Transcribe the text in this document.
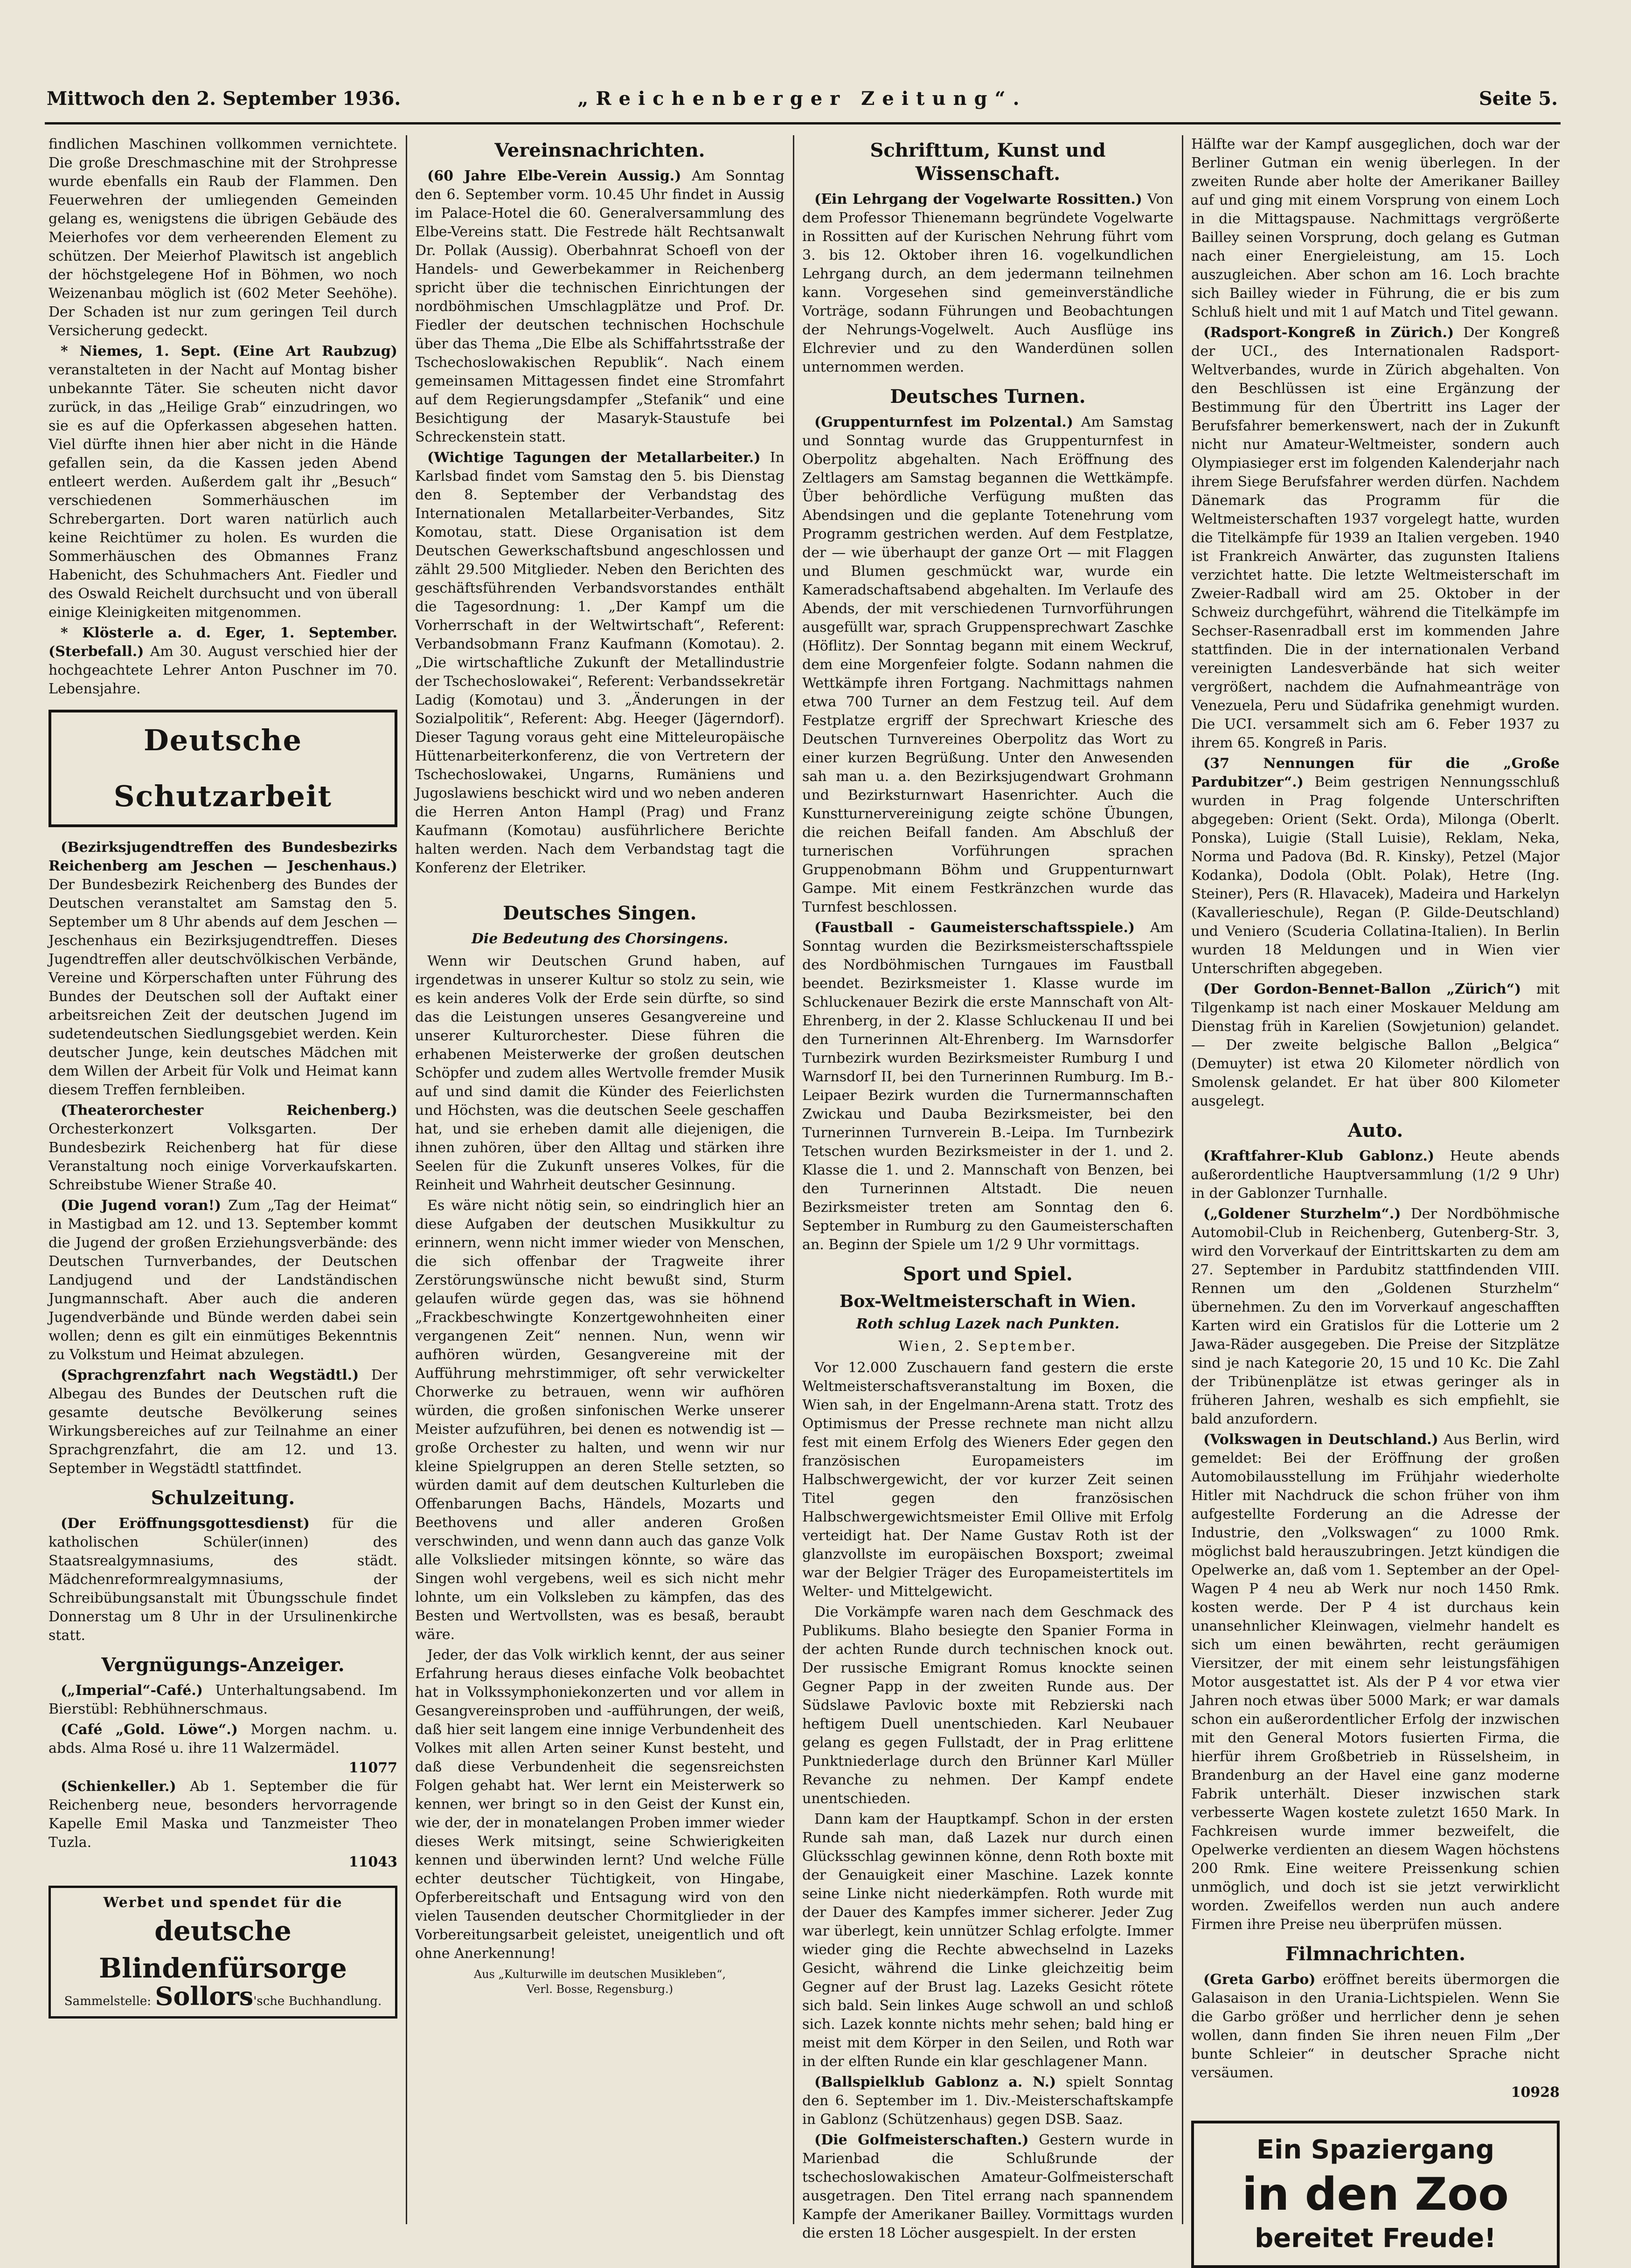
Mittwoch den 2. September 1936.	„Reichenberger Zeitung“.	Seite 5.

findlichen Maschinen vollkommen vernichtete. Die große Dreschmaschine mit der Strohpresse wurde ebenfalls ein Raub der Flammen. Den Feuerwehren der umliegenden Gemeinden gelang es, wenigstens die übrigen Gebäude des Meierhofes vor dem verheerenden Element zu schützen. Der Meierhof Plawitsch ist angeblich der höchstgelegene Hof in Böhmen, wo noch Weizenanbau möglich ist (602 Meter Seehöhe). Der Schaden ist nur zum geringen Teil durch Versicherung gedeckt.

* Niemes, 1. Sept. (Eine Art Raubzug) veranstalteten in der Nacht auf Montag bisher unbekannte Täter. Sie scheuten nicht davor zurück, in das „Heilige Grab“ einzudringen, wo sie es auf die Opferkassen abgesehen hatten. Viel dürfte ihnen hier aber nicht in die Hände gefallen sein, da die Kassen jeden Abend entleert werden. Außerdem galt ihr „Besuch“ verschiedenen Sommerhäuschen im Schrebergarten. Dort waren natürlich auch keine Reichtümer zu holen. Es wurden die Sommerhäuschen des Obmannes Franz Habenicht, des Schuhmachers Ant. Fiedler und des Oswald Reichelt durchsucht und von überall einige Kleinigkeiten mitgenommen.

* Klösterle a. d. Eger, 1. September. (Sterbefall.) Am 30. August verschied hier der hochgeachtete Lehrer Anton Puschner im 70. Lebensjahre.

Deutsche Schutzarbeit

(Bezirksjugendtreffen des Bundesbezirks Reichenberg am Jeschen — Jeschenhaus.) Der Bundesbezirk Reichenberg des Bundes der Deutschen veranstaltet am Samstag den 5. September um 8 Uhr abends auf dem Jeschen — Jeschenhaus ein Bezirksjugendtreffen. Dieses Jugendtreffen aller deutschvölkischen Verbände, Vereine und Körperschaften unter Führung des Bundes der Deutschen soll der Auftakt einer arbeitsreichen Zeit der deutschen Jugend im sudetendeutschen Siedlungsgebiet werden. Kein deutscher Junge, kein deutsches Mädchen mit dem Willen der Arbeit für Volk und Heimat kann diesem Treffen fernbleiben.

(Theaterorchester Reichenberg.) Orchesterkonzert Volksgarten. Der Bundesbezirk Reichenberg hat für diese Veranstaltung noch einige Vorverkaufskarten. Schreibstube Wiener Straße 40.

(Die Jugend voran!) Zum „Tag der Heimat“ in Mastigbad am 12. und 13. September kommt die Jugend der großen Erziehungsverbände: des Deutschen Turnverbandes, der Deutschen Landjugend und der Landständischen Jungmannschaft. Aber auch die anderen Jugendverbände und Bünde werden dabei sein wollen; denn es gilt ein einmütiges Bekenntnis zu Volkstum und Heimat abzulegen.

(Sprachgrenzfahrt nach Wegstädtl.) Der Albegau des Bundes der Deutschen ruft die gesamte deutsche Bevölkerung seines Wirkungsbereiches auf zur Teilnahme an einer Sprachgrenzfahrt, die am 12. und 13. September in Wegstädtl stattfindet.

Schulzeitung.

(Der Eröffnungsgottesdienst) für die katholischen Schüler(innen) des Staatsrealgymnasiums, des städt. Mädchenreformrealgymnasiums, der Schreibübungsanstalt mit Übungsschule findet Donnerstag um 8 Uhr in der Ursulinenkirche statt.

Vergnügungs-Anzeiger.

(„Imperial“-Café.) Unterhaltungsabend. Im Bierstübl: Rebhühnerschmaus.

(Café „Gold. Löwe“.) Morgen nachm. u. abds. Alma Rosé u. ihre 11 Walzermädel.

11077

(Schienkeller.) Ab 1. September die für Reichenberg neue, besonders hervorragende Kapelle Emil Maska und Tanzmeister Theo Tuzla.

11043
Werbet und spendet für die
deutsche Blindenfürsorge
Sammelstelle: Sollors'sche Buchhandlung.
Vereinsnachrichten.

(60 Jahre Elbe-Verein Aussig.) Am Sonntag den 6. September vorm. 10.45 Uhr findet in Aussig im Palace-Hotel die 60. Generalversammlung des Elbe-Vereins statt. Die Festrede hält Rechtsanwalt Dr. Pollak (Aussig). Oberbahnrat Schoefl von der Handels- und Gewerbekammer in Reichenberg spricht über die technischen Einrichtungen der nordböhmischen Umschlagplätze und Prof. Dr. Fiedler der deutschen technischen Hochschule über das Thema „Die Elbe als Schiffahrtsstraße der Tschechoslowakischen Republik“. Nach einem gemeinsamen Mittagessen findet eine Stromfahrt auf dem Regierungsdampfer „Stefanik“ und eine Besichtigung der Masaryk-Staustufe bei Schreckenstein statt.

(Wichtige Tagungen der Metallarbeiter.) In Karlsbad findet vom Samstag den 5. bis Dienstag den 8. September der Verbandstag des Internationalen Metallarbeiter-Verbandes, Sitz Komotau, statt. Diese Organisation ist dem Deutschen Gewerkschaftsbund angeschlossen und zählt 29.500 Mitglieder. Neben den Berichten des geschäftsführenden Verbandsvorstandes enthält die Tagesordnung: 1. „Der Kampf um die Vorherrschaft in der Weltwirtschaft“, Referent: Verbandsobmann Franz Kaufmann (Komotau). 2. „Die wirtschaftliche Zukunft der Metallindustrie der Tschechoslowakei“, Referent: Verbandssekretär Ladig (Komotau) und 3. „Änderungen in der Sozialpolitik“, Referent: Abg. Heeger (Jägerndorf). Dieser Tagung voraus geht eine Mitteleuropäische Hüttenarbeiterkonferenz, die von Vertretern der Tschechoslowakei, Ungarns, Rumäniens und Jugoslawiens beschickt wird und wo neben anderen die Herren Anton Hampl (Prag) und Franz Kaufmann (Komotau) ausführlichere Berichte halten werden. Nach dem Verbandstag tagt die Konferenz der Eletriker.

Deutsches Singen.
Die Bedeutung des Chorsingens.

Wenn wir Deutschen Grund haben, auf irgendetwas in unserer Kultur so stolz zu sein, wie es kein anderes Volk der Erde sein dürfte, so sind das die Leistungen unseres Gesangvereine und unserer Kulturorchester. Diese führen die erhabenen Meisterwerke der großen deutschen Schöpfer und zudem alles Wertvolle fremder Musik auf und sind damit die Künder des Feierlichsten und Höchsten, was die deutschen Seele geschaffen hat, und sie erheben damit alle diejenigen, die ihnen zuhören, über den Alltag und stärken ihre Seelen für die Zukunft unseres Volkes, für die Reinheit und Wahrheit deutscher Gesinnung.

Es wäre nicht nötig sein, so eindringlich hier an diese Aufgaben der deutschen Musikkultur zu erinnern, wenn nicht immer wieder von Menschen, die sich offenbar der Tragweite ihrer Zerstörungswünsche nicht bewußt sind, Sturm gelaufen würde gegen das, was sie höhnend „Frackbeschwingte Konzertgewohnheiten einer vergangenen Zeit“ nennen. Nun, wenn wir aufhören würden, Gesangvereine mit der Aufführung mehrstimmiger, oft sehr verwickelter Chorwerke zu betrauen, wenn wir aufhören würden, die großen sinfonischen Werke unserer Meister aufzuführen, bei denen es notwendig ist — große Orchester zu halten, und wenn wir nur kleine Spielgruppen an deren Stelle setzten, so würden damit auf dem deutschen Kulturleben die Offenbarungen Bachs, Händels, Mozarts und Beethovens und aller anderen Großen verschwinden, und wenn dann auch das ganze Volk alle Volkslieder mitsingen könnte, so wäre das Singen wohl vergebens, weil es sich nicht mehr lohnte, um ein Volksleben zu kämpfen, das des Besten und Wertvollsten, was es besaß, beraubt wäre.

Jeder, der das Volk wirklich kennt, der aus seiner Erfahrung heraus dieses einfache Volk beobachtet hat in Volkssymphoniekonzerten und vor allem in Gesangvereinsproben und -aufführungen, der weiß, daß hier seit langem eine innige Verbundenheit des Volkes mit allen Arten seiner Kunst besteht, und daß diese Verbundenheit die segensreichsten Folgen gehabt hat. Wer lernt ein Meisterwerk so kennen, wer bringt so in den Geist der Kunst ein, wie der, der in monatelangen Proben immer wieder dieses Werk mitsingt, seine Schwierigkeiten kennen und überwinden lernt? Und welche Fülle echter deutscher Tüchtigkeit, von Hingabe, Opferbereitschaft und Entsagung wird von den vielen Tausenden deutscher Chormitglieder in der Vorbereitungsarbeit geleistet, uneigentlich und oft ohne Anerkennung!

Aus „Kulturwille im deutschen Musikleben“,
Verl. Bosse, Regensburg.)
Schrifttum, Kunst und Wissenschaft.

(Ein Lehrgang der Vogelwarte Rossitten.) Von dem Professor Thienemann begründete Vogelwarte in Rossitten auf der Kurischen Nehrung führt vom 3. bis 12. Oktober ihren 16. vogelkundlichen Lehrgang durch, an dem jedermann teilnehmen kann. Vorgesehen sind gemeinverständliche Vorträge, sodann Führungen und Beobachtungen der Nehrungs-Vogelwelt. Auch Ausflüge ins Elchrevier und zu den Wanderdünen sollen unternommen werden.

Deutsches Turnen.

(Gruppenturnfest im Polzental.) Am Samstag und Sonntag wurde das Gruppenturnfest in Oberpolitz abgehalten. Nach Eröffnung des Zeltlagers am Samstag begannen die Wettkämpfe. Über behördliche Verfügung mußten das Abendsingen und die geplante Totenehrung vom Programm gestrichen werden. Auf dem Festplatze, der — wie überhaupt der ganze Ort — mit Flaggen und Blumen geschmückt war, wurde ein Kameradschaftsabend abgehalten. Im Verlaufe des Abends, der mit verschiedenen Turnvorführungen ausgefüllt war, sprach Gruppensprechwart Zaschke (Höflitz). Der Sonntag begann mit einem Weckruf, dem eine Morgenfeier folgte. Sodann nahmen die Wettkämpfe ihren Fortgang. Nachmittags nahmen etwa 700 Turner an dem Festzug teil. Auf dem Festplatze ergriff der Sprechwart Kriesche des Deutschen Turnvereines Oberpolitz das Wort zu einer kurzen Begrüßung. Unter den Anwesenden sah man u. a. den Bezirksjugendwart Grohmann und Bezirksturnwart Hasenrichter. Auch die Kunstturnervereinigung zeigte schöne Übungen, die reichen Beifall fanden. Am Abschluß der turnerischen Vorführungen sprachen Gruppenobmann Böhm und Gruppenturnwart Gampe. Mit einem Festkränzchen wurde das Turnfest beschlossen.

(Faustball - Gaumeisterschaftsspiele.) Am Sonntag wurden die Bezirksmeisterschaftsspiele des Nordböhmischen Turngaues im Faustball beendet. Bezirksmeister 1. Klasse wurde im Schluckenauer Bezirk die erste Mannschaft von Alt-Ehrenberg, in der 2. Klasse Schluckenau II und bei den Turnerinnen Alt-Ehrenberg. Im Warnsdorfer Turnbezirk wurden Bezirksmeister Rumburg I und Warnsdorf II, bei den Turnerinnen Rumburg. Im B.-Leipaer Bezirk wurden die Turnermannschaften Zwickau und Dauba Bezirksmeister, bei den Turnerinnen Turnverein B.-Leipa. Im Turnbezirk Tetschen wurden Bezirksmeister in der 1. und 2. Klasse die 1. und 2. Mannschaft von Benzen, bei den Turnerinnen Altstadt. Die neuen Bezirksmeister treten am Sonntag den 6. September in Rumburg zu den Gaumeisterschaften an. Beginn der Spiele um 1/2 9 Uhr vormittags.

Sport und Spiel.
Box-Weltmeisterschaft in Wien.
Roth schlug Lazek nach Punkten.
Wien, 2. September.

Vor 12.000 Zuschauern fand gestern die erste Weltmeisterschaftsveranstaltung im Boxen, die Wien sah, in der Engelmann-Arena statt. Trotz des Optimismus der Presse rechnete man nicht allzu fest mit einem Erfolg des Wieners Eder gegen den französischen Europameisters im Halbschwergewicht, der vor kurzer Zeit seinen Titel gegen den französischen Halbschwergewichtsmeister Emil Ollive mit Erfolg verteidigt hat. Der Name Gustav Roth ist der glanzvollste im europäischen Boxsport; zweimal war der Belgier Träger des Europameistertitels im Welter- und Mittelgewicht.

Die Vorkämpfe waren nach dem Geschmack des Publikums. Blaho besiegte den Spanier Forma in der achten Runde durch technischen knock out. Der russische Emigrant Romus knockte seinen Gegner Papp in der zweiten Runde aus. Der Südslawe Pavlovic boxte mit Rebzierski nach heftigem Duell unentschieden. Karl Neubauer gelang es gegen Fullstadt, der in Prag erlittene Punktniederlage durch den Brünner Karl Müller Revanche zu nehmen. Der Kampf endete unentschieden.

Dann kam der Hauptkampf. Schon in der ersten Runde sah man, daß Lazek nur durch einen Glücksschlag gewinnen könne, denn Roth boxte mit der Genauigkeit einer Maschine. Lazek konnte seine Linke nicht niederkämpfen. Roth wurde mit der Dauer des Kampfes immer sicherer. Jeder Zug war überlegt, kein unnützer Schlag erfolgte. Immer wieder ging die Rechte abwechselnd in Lazeks Gesicht, während die Linke gleichzeitig beim Gegner auf der Brust lag. Lazeks Gesicht rötete sich bald. Sein linkes Auge schwoll an und schloß sich. Lazek konnte nichts mehr sehen; bald hing er meist mit dem Körper in den Seilen, und Roth war in der elften Runde ein klar geschlagener Mann.

(Ballspielklub Gablonz a. N.) spielt Sonntag den 6. September im 1. Div.-Meisterschaftskampfe in Gablonz (Schützenhaus) gegen DSB. Saaz.

(Die Golfmeisterschaften.) Gestern wurde in Marienbad die Schlußrunde der tschechoslowakischen Amateur-Golfmeisterschaft ausgetragen. Den Titel errang nach spannendem Kampfe der Amerikaner Bailley. Vormittags wurden die ersten 18 Löcher ausgespielt. In der ersten

Hälfte war der Kampf ausgeglichen, doch war der Berliner Gutman ein wenig überlegen. In der zweiten Runde aber holte der Amerikaner Bailley auf und ging mit einem Vorsprung von einem Loch in die Mittagspause. Nachmittags vergrößerte Bailley seinen Vorsprung, doch gelang es Gutman nach einer Energieleistung, am 15. Loch auszugleichen. Aber schon am 16. Loch brachte sich Bailley wieder in Führung, die er bis zum Schluß hielt und mit 1 auf Match und Titel gewann.

(Radsport-Kongreß in Zürich.) Der Kongreß der UCI., des Internationalen Radsport-Weltverbandes, wurde in Zürich abgehalten. Von den Beschlüssen ist eine Ergänzung der Bestimmung für den Übertritt ins Lager der Berufsfahrer bemerkenswert, nach der in Zukunft nicht nur Amateur-Weltmeister, sondern auch Olympiasieger erst im folgenden Kalenderjahr nach ihrem Siege Berufsfahrer werden dürfen. Nachdem Dänemark das Programm für die Weltmeisterschaften 1937 vorgelegt hatte, wurden die Titelkämpfe für 1939 an Italien vergeben. 1940 ist Frankreich Anwärter, das zugunsten Italiens verzichtet hatte. Die letzte Weltmeisterschaft im Zweier-Radball wird am 25. Oktober in der Schweiz durchgeführt, während die Titelkämpfe im Sechser-Rasenradball erst im kommenden Jahre stattfinden. Die in der internationalen Verband vereinigten Landesverbände hat sich weiter vergrößert, nachdem die Aufnahmeanträge von Venezuela, Peru und Südafrika genehmigt wurden. Die UCI. versammelt sich am 6. Feber 1937 zu ihrem 65. Kongreß in Paris.

(37 Nennungen für die „Große Pardubitzer“.) Beim gestrigen Nennungsschluß wurden in Prag folgende Unterschriften abgegeben: Orient (Sekt. Orda), Milonga (Oberlt. Ponska), Luigie (Stall Luisie), Reklam, Neka, Norma und Padova (Bd. R. Kinsky), Petzel (Major Kodanka), Dodola (Oblt. Polak), Hetre (Ing. Steiner), Pers (R. Hlavacek), Madeira und Harkelyn (Kavallerieschule), Regan (P. Gilde-Deutschland) und Veniero (Scuderia Collatina-Italien). In Berlin wurden 18 Meldungen und in Wien vier Unterschriften abgegeben.

(Der Gordon-Bennet-Ballon „Zürich“) mit Tilgenkamp ist nach einer Moskauer Meldung am Dienstag früh in Karelien (Sowjetunion) gelandet. — Der zweite belgische Ballon „Belgica“ (Demuyter) ist etwa 20 Kilometer nördlich von Smolensk gelandet. Er hat über 800 Kilometer ausgelegt.

Auto.

(Kraftfahrer-Klub Gablonz.) Heute abends außerordentliche Hauptversammlung (1/2 9 Uhr) in der Gablonzer Turnhalle.

(„Goldener Sturzhelm“.) Der Nordböhmische Automobil-Club in Reichenberg, Gutenberg-Str. 3, wird den Vorverkauf der Eintrittskarten zu dem am 27. September in Pardubitz stattfindenden VIII. Rennen um den „Goldenen Sturzhelm“ übernehmen. Zu den im Vorverkauf angeschafften Karten wird ein Gratislos für die Lotterie um 2 Jawa-Räder ausgegeben. Die Preise der Sitzplätze sind je nach Kategorie 20, 15 und 10 Kc. Die Zahl der Tribünenplätze ist etwas geringer als in früheren Jahren, weshalb es sich empfiehlt, sie bald anzufordern.

(Volkswagen in Deutschland.) Aus Berlin, wird gemeldet: Bei der Eröffnung der großen Automobilausstellung im Frühjahr wiederholte Hitler mit Nachdruck die schon früher von ihm aufgestellte Forderung an die Adresse der Industrie, den „Volkswagen“ zu 1000 Rmk. möglichst bald herauszubringen. Jetzt kündigen die Opelwerke an, daß vom 1. September an der Opel-Wagen P 4 neu ab Werk nur noch 1450 Rmk. kosten werde. Der P 4 ist durchaus kein unansehnlicher Kleinwagen, vielmehr handelt es sich um einen bewährten, recht geräumigen Viersitzer, der mit einem sehr leistungsfähigen Motor ausgestattet ist. Als der P 4 vor etwa vier Jahren noch etwas über 5000 Mark; er war damals schon ein außerordentlicher Erfolg der inzwischen mit den General Motors fusierten Firma, die hierfür ihrem Großbetrieb in Rüsselsheim, in Brandenburg an der Havel eine ganz moderne Fabrik unterhält. Dieser inzwischen stark verbesserte Wagen kostete zuletzt 1650 Mark. In Fachkreisen wurde immer bezweifelt, die Opelwerke verdienten an diesem Wagen höchstens 200 Rmk. Eine weitere Preissenkung schien unmöglich, und doch ist sie jetzt verwirklicht worden. Zweifellos werden nun auch andere Firmen ihre Preise neu überprüfen müssen.

Filmnachrichten.

(Greta Garbo) eröffnet bereits übermorgen die Galasaison in den Urania-Lichtspielen. Wenn Sie die Garbo größer und herrlicher denn je sehen wollen, dann finden Sie ihren neuen Film „Der bunte Schleier“ in deutscher Sprache nicht versäumen.

10928
Ein Spaziergang
in den Zoo
bereitet Freude!
